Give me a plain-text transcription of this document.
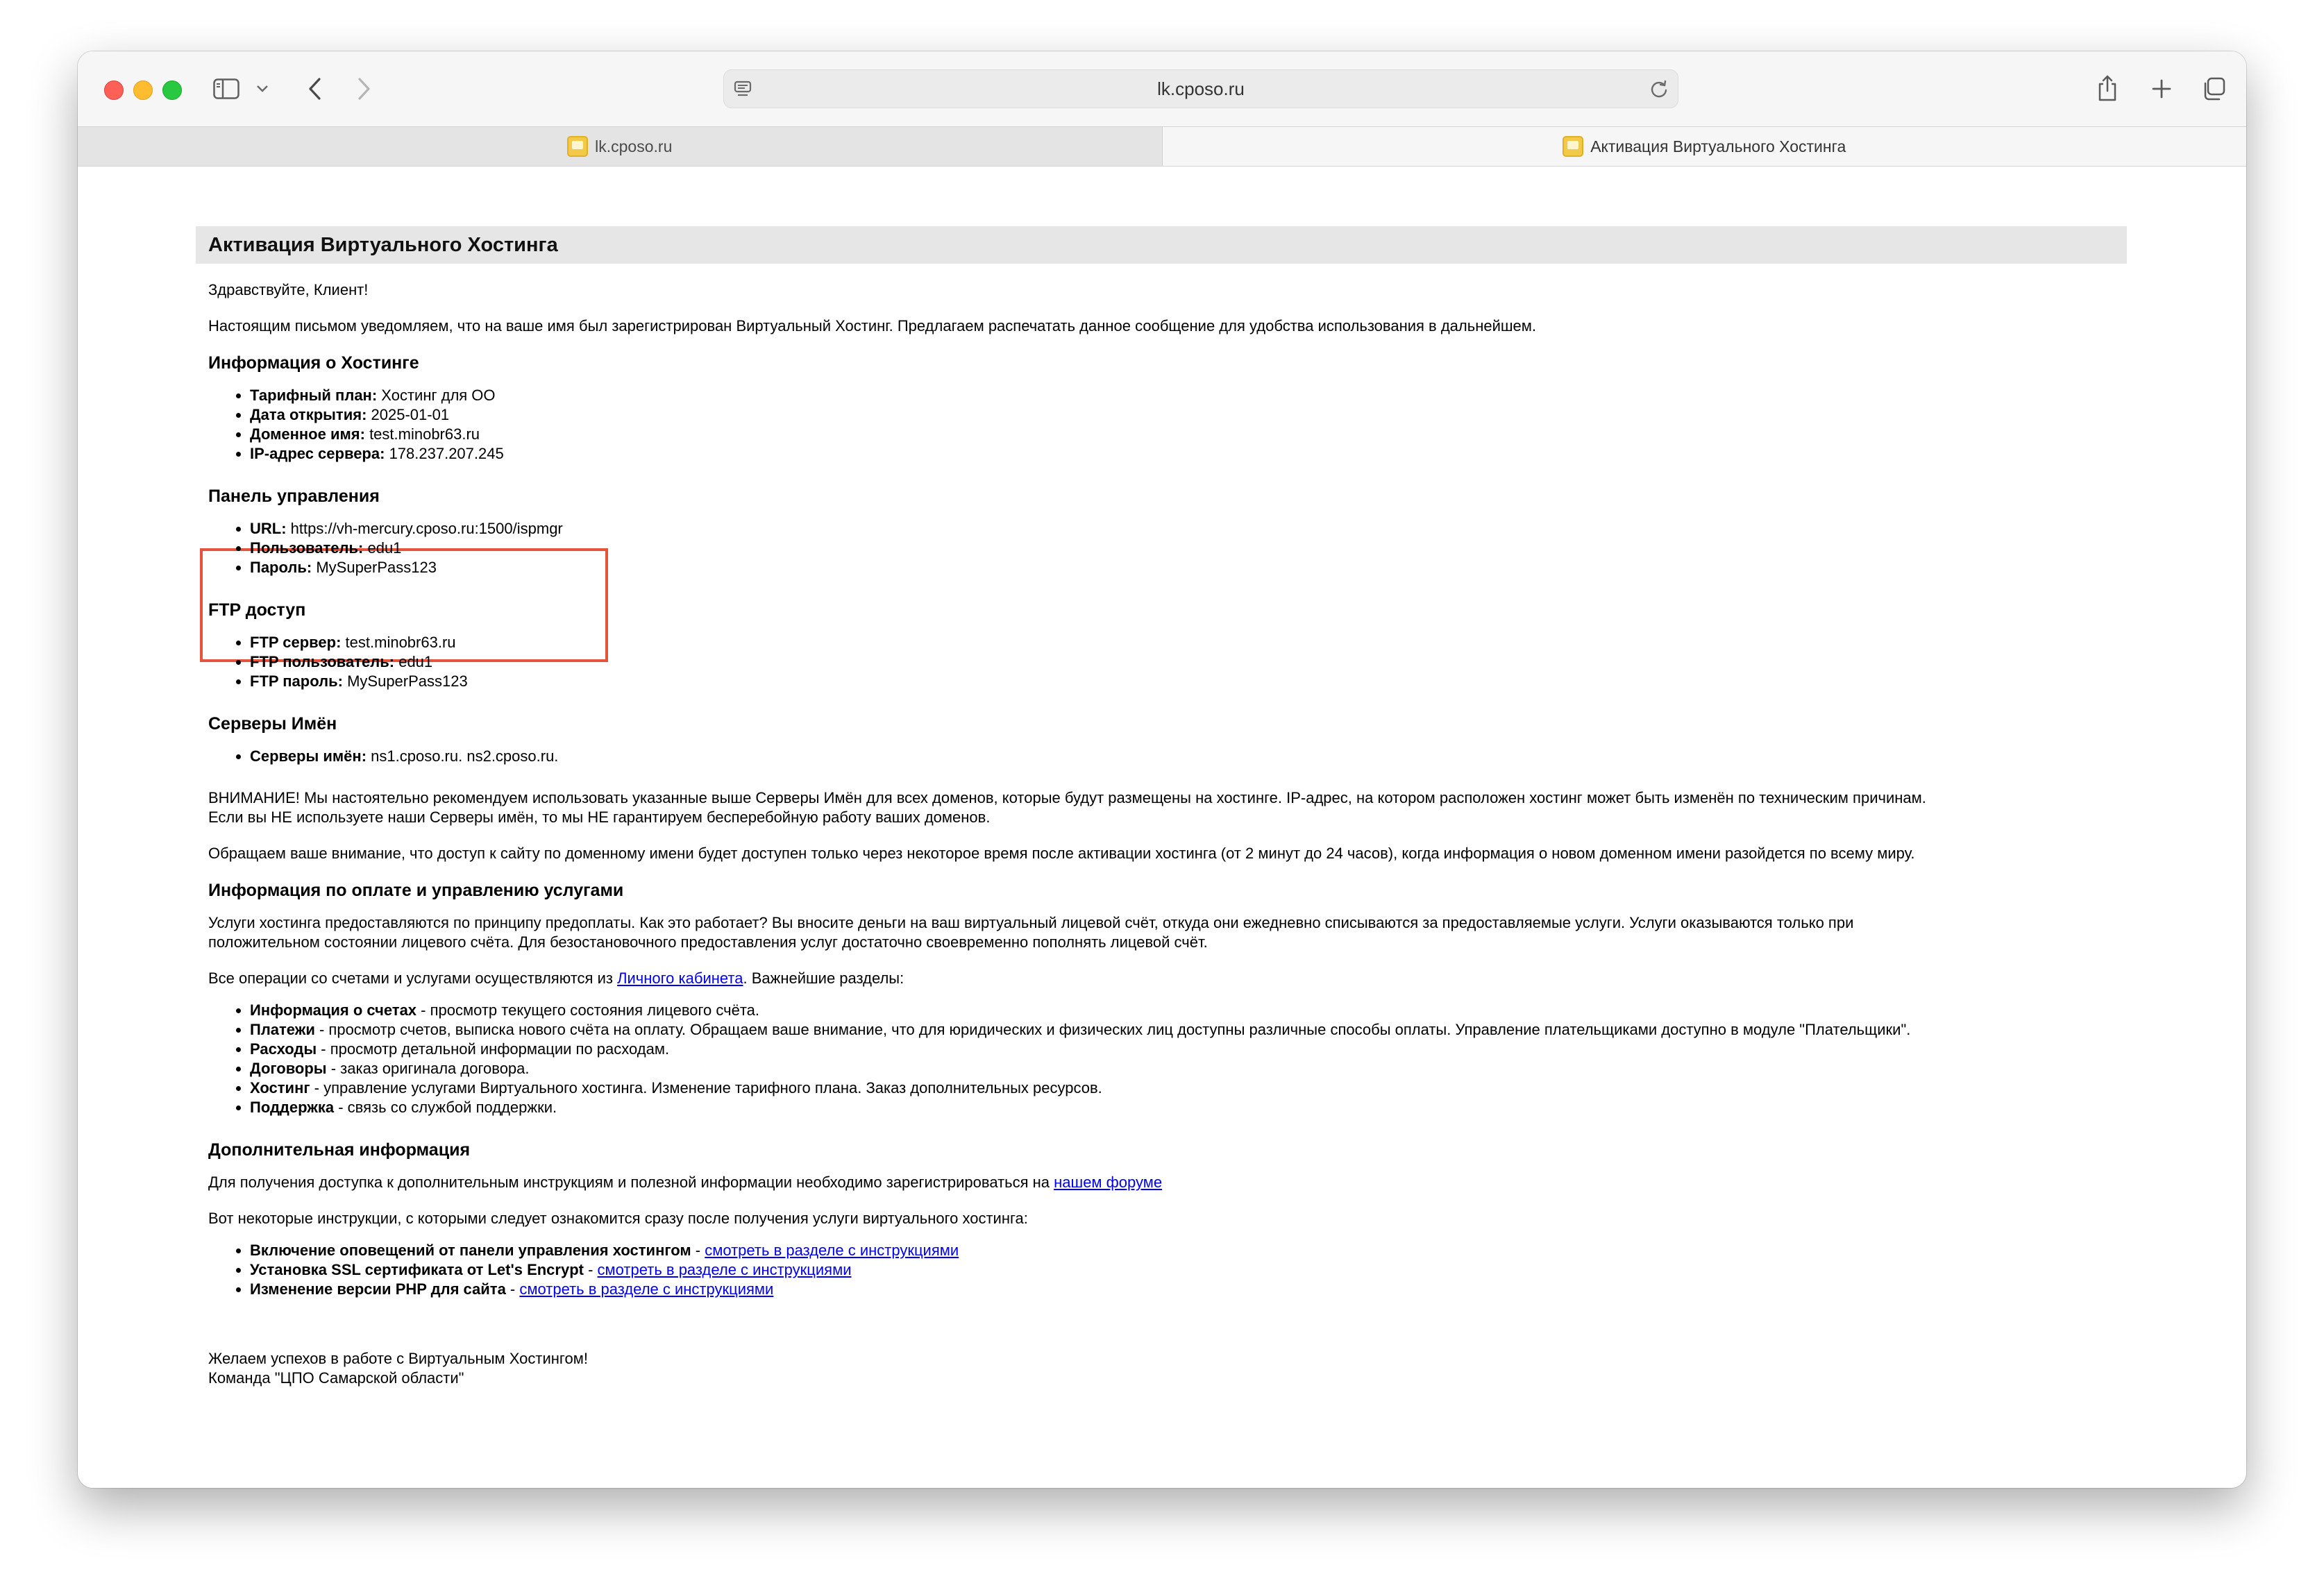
lk.cposo.ru
lk.cposo.ru	Активация Виртуального Хостинга
Активация Виртуального Хостинга

Здравствуйте, Клиент!

Настоящим письмом уведомляем, что на ваше имя был зарегистрирован Виртуальный Хостинг. Предлагаем распечатать данное сообщение для удобства использования в дальнейшем.

Информация о Хостинге
• Тарифный план: Хостинг для ОО
• Дата открытия: 2025-01-01
• Доменное имя: test.minobr63.ru
• IP-адрес сервера: 178.237.207.245
Панель управления
• URL: https://vh-mercury.cposo.ru:1500/ispmgr
• Пользователь: edu1
• Пароль: MySuperPass123
FTP доступ
• FTP сервер: test.minobr63.ru
• FTP пользователь: edu1
• FTP пароль: MySuperPass123
Серверы Имён
• Серверы имён: ns1.cposo.ru. ns2.cposo.ru.

ВНИМАНИЕ! Мы настоятельно рекомендуем использовать указанные выше Серверы Имён для всех доменов, которые будут размещены на хостинге. IP-адрес, на котором расположен хостинг может быть изменён по техническим причинам.
Если вы НЕ используете наши Серверы имён, то мы НЕ гарантируем бесперебойную работу ваших доменов.

Обращаем ваше внимание, что доступ к сайту по доменному имени будет доступен только через некоторое время после активации хостинга (от 2 минут до 24 часов), когда информация о новом доменном имени разойдется по всему миру.

Информация по оплате и управлению услугами

Услуги хостинга предоставляются по принципу предоплаты. Как это работает? Вы вносите деньги на ваш виртуальный лицевой счёт, откуда они ежедневно списываются за предоставляемые услуги. Услуги оказываются только при
положительном состоянии лицевого счёта. Для безостановочного предоставления услуг достаточно своевременно пополнять лицевой счёт.

Все операции со счетами и услугами осуществляются из Личного кабинета. Важнейшие разделы:

• Информация о счетах - просмотр текущего состояния лицевого счёта.
• Платежи - просмотр счетов, выписка нового счёта на оплату. Обращаем ваше внимание, что для юридических и физических лиц доступны различные способы оплаты. Управление плательщиками доступно в модуле "Плательщики".
• Расходы - просмотр детальной информации по расходам.
• Договоры - заказ оригинала договора.
• Хостинг - управление услугами Виртуального хостинга. Изменение тарифного плана. Заказ дополнительных ресурсов.
• Поддержка - связь со службой поддержки.
Дополнительная информация

Для получения доступка к дополнительным инструкциям и полезной информации необходимо зарегистрироваться на нашем форуме

Вот некоторые инструкции, с которыми следует ознакомится сразу после получения услуги виртуального хостинга:

• Включение оповещений от панели управления хостингом - смотреть в разделе с инструкциями
• Установка SSL сертификата от Let's Encrypt - смотреть в разделе с инструкциями
• Изменение версии PHP для сайта - смотреть в разделе с инструкциями

Желаем успехов в работе с Виртуальным Хостингом!
Команда "ЦПО Самарской области"
